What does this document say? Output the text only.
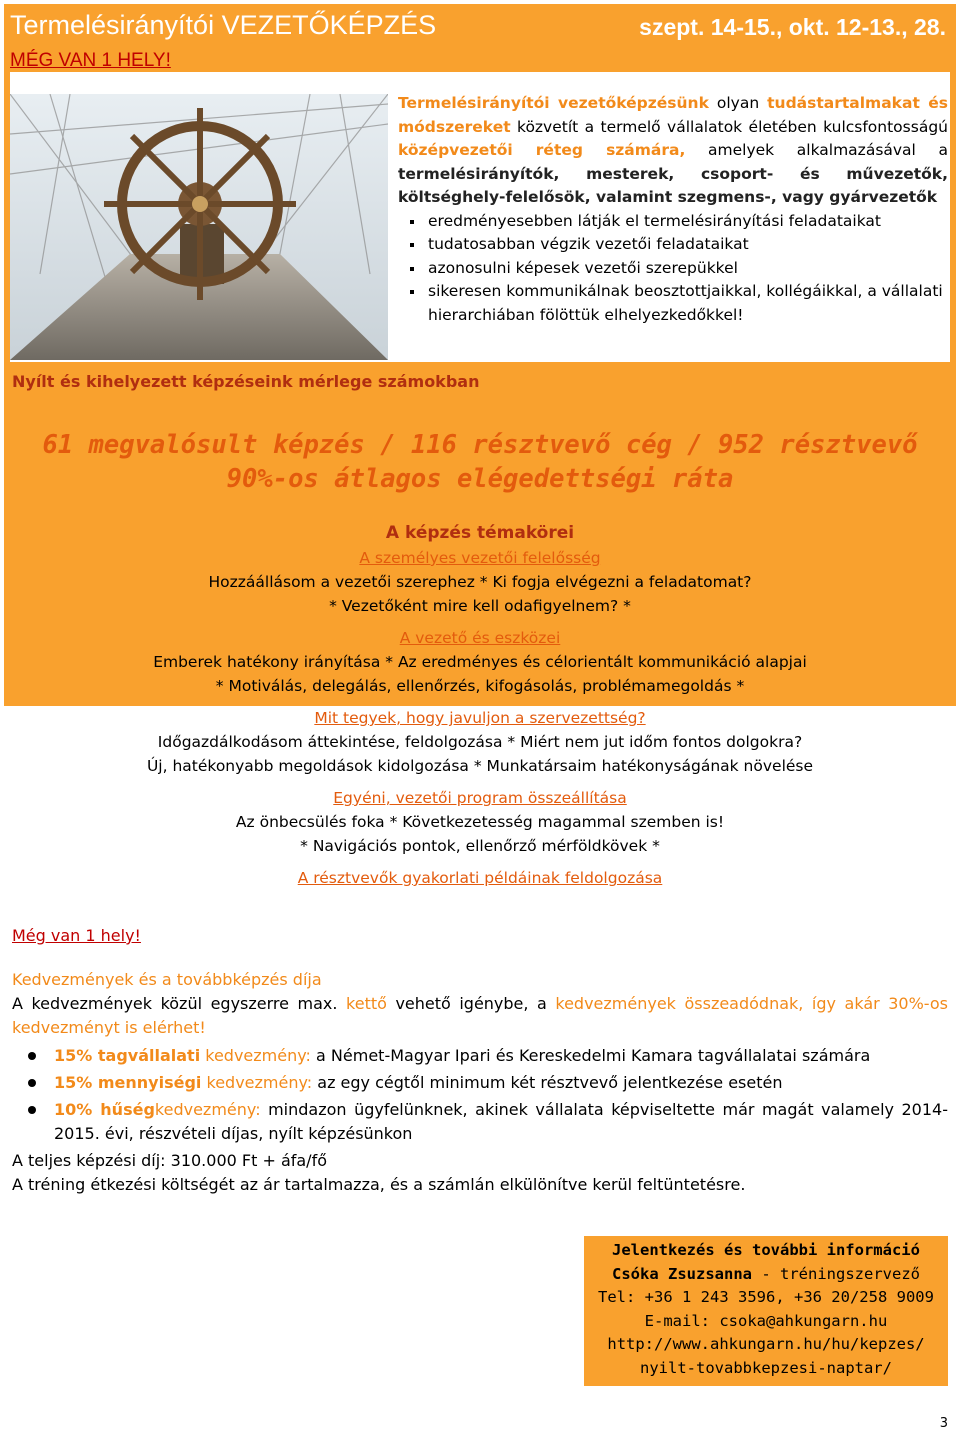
Termelésirányítói VEZETŐKÉPZÉS	szept. 14-15., okt. 12-13., 28.
MÉG VAN 1 HELY!
Termelésirányítói vezetőképzésünk olyan tudástartalmakat és módszereket közvetít a termelő vállalatok életében kulcsfontosságú középvezetői réteg számára, amelyek alkalmazásával a termelésirányítók, mesterek, csoport- és művezetők, költséghely-felelősök, valamint szegmens-, vagy gyárvezetők
eredményesebben látják el termelésirányítási feladataikat
tudatosabban végzik vezetői feladataikat
azonosulni képesek vezetői szerepükkel
sikeresen kommunikálnak beosztottjaikkal, kollégáikkal, a vállalati hierarchiában fölöttük elhelyezkedőkkel!
Nyílt és kihelyezett képzéseink mérlege számokban
61 megvalósult képzés / 116 résztvevő cég / 952 résztvevő
90%-os átlagos elégedettségi ráta
A képzés témakörei
A személyes vezetői felelősség
Hozzáállásom a vezetői szerephez * Ki fogja elvégezni a feladatomat?
* Vezetőként mire kell odafigyelnem? *
A vezető és eszközei
Emberek hatékony irányítása * Az eredményes és célorientált kommunikáció alapjai
* Motiválás, delegálás, ellenőrzés, kifogásolás, problémamegoldás *
Mit tegyek, hogy javuljon a szervezettség?
Időgazdálkodásom áttekintése, feldolgozása * Miért nem jut időm fontos dolgokra?
Új, hatékonyabb megoldások kidolgozása * Munkatársaim hatékonyságának növelése
Egyéni, vezetői program összeállítása
Az önbecsülés foka * Következetesség magammal szemben is!
* Navigációs pontok, ellenőrző mérföldkövek *
A résztvevők gyakorlati példáinak feldolgozása
Még van 1 hely!
Kedvezmények és a továbbképzés díja
A kedvezmények közül egyszerre max. kettő vehető igénybe, a kedvezmények összeadódnak, így akár 30%-os kedvezményt is elérhet!
15% tagvállalati kedvezmény: a Német-Magyar Ipari és Kereskedelmi Kamara tagvállalatai számára
15% mennyiségi kedvezmény: az egy cégtől minimum két résztvevő jelentkezése esetén
10% hűségkedvezmény: mindazon ügyfelünknek, akinek vállalata képviseltette már magát valamely 2014-2015. évi, részvételi díjas, nyílt képzésünkon
A teljes képzési díj: 310.000 Ft + áfa/fő
A tréning étkezési költségét az ár tartalmazza, és a számlán elkülönítve kerül feltüntetésre.
Jelentkezés és további információ
Csóka Zsuzsanna - tréningszervező
Tel: +36 1 243 3596, +36 20/258 9009
E-mail: csoka@ahkungarn.hu
http://www.ahkungarn.hu/hu/kepzes/
nyilt-tovabbkepzesi-naptar/
3
